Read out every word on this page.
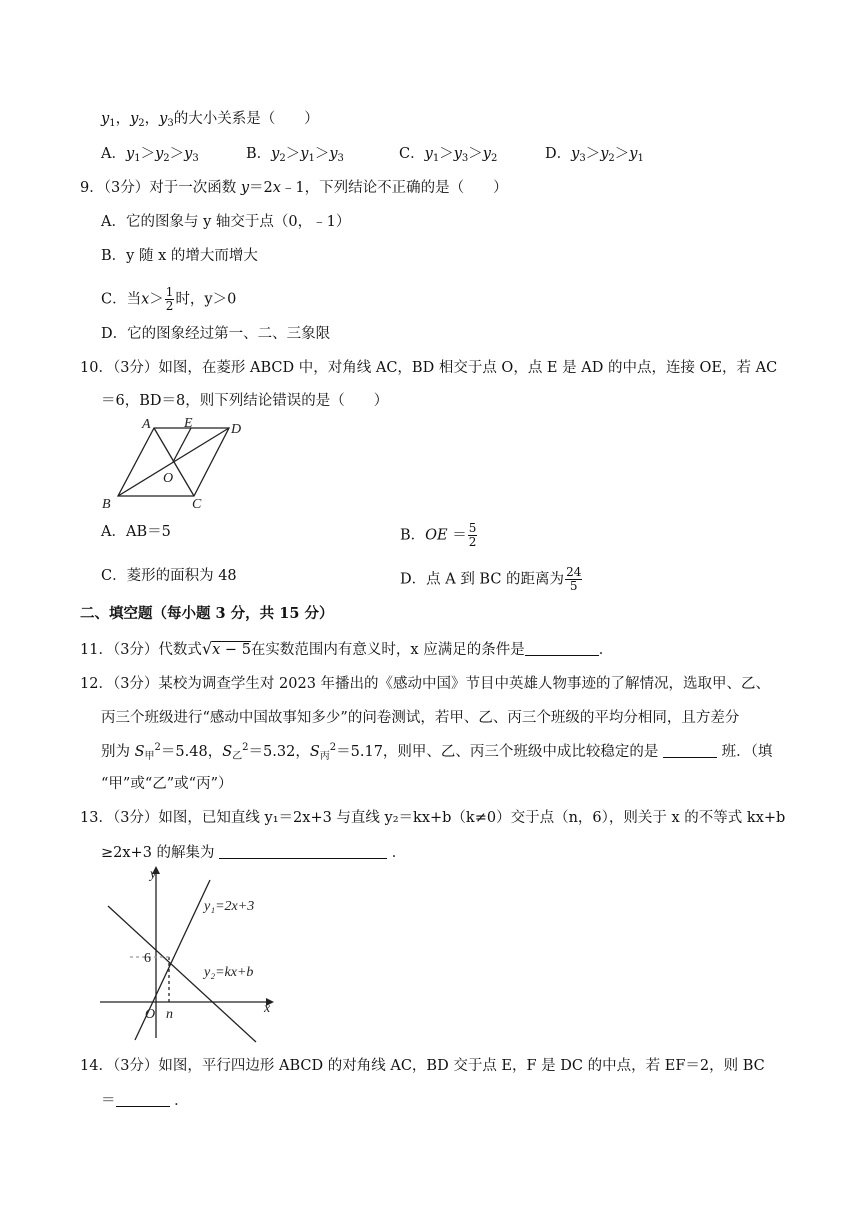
$y_1$，$y_2$，$y_3$的大小关系是（　　）
A．$y_1>y_2>y_3$	B．$y_2>y_1>y_3$	C．$y_1>y_3>y_2$	D．$y_3>y_2>y_1$
9．（3分）对于一次函数 y＝2x﹣1，下列结论不正确的是（　　）
A．它的图象与 y 轴交于点（0，﹣1）
B．y 随 x 的增大而增大
C．当$x> \frac{1}{2}$ 时，y＞0
D．它的图象经过第一、二、三象限
10．（3分）如图，在菱形 ABCD 中，对角线 AC，BD 相交于点 O，点 E 是 AD 的中点，连接 OE，若 AC
＝6，BD＝8，则下列结论错误的是（　　）
A E	D
O
B	C
A．AB＝5	B．OE ＝ $\frac{5}{2}$
C．菱形的面积为 48	D．点 A 到 BC 的距离为 $\frac{24}{5}$
二、填空题（每小题 3 分，共 15 分）
11．（3分）代数式√x − 5在实数范围内有意义时，x 应满足的条件是	．
12．（3分）某校为调查学生对 2023 年播出的《感动中国》节目中英雄人物事迹的了解情况，选取甲、乙、
丙三个班级进行“感动中国故事知多少”的问卷测试，若甲、乙、丙三个班级的平均分相同，且方差分
别为 $S_甲^2=5.48$，$S_乙^2=5.32$，$S_丙^2=5.17$，则甲、乙、丙三个班级中成比较稳定的是	班．（填
“甲”或“乙”或“丙”）
13．（3分）如图，已知直线 y₁＝2x+3 与直线 y₂＝kx+b（k≠0）交于点（n，6），则关于 x 的不等式 kx+b
≥2x+3 的解集为	．
y
x
6
O n
y₁=2x+3
y₂=kx+b
14．（3分）如图，平行四边形 ABCD 的对角线 AC，BD 交于点 E，F 是 DC 的中点，若 EF＝2，则 BC
＝	．
